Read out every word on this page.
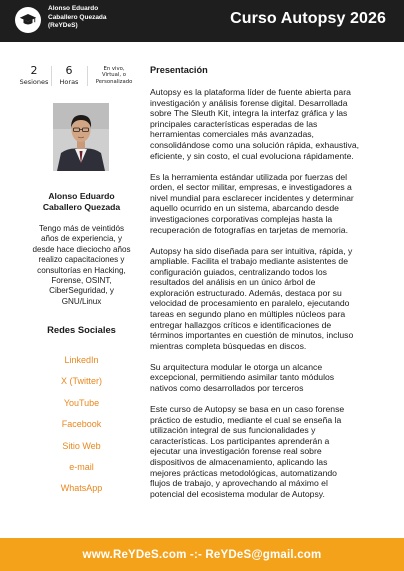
Alonso Eduardo
Caballero Quezada
(ReYDeS)	Curso Autopsy 2026
2
Sesiones
6
Horas
En vivo,
Virtual, o
Personalizado
Alonso Eduardo
Caballero Quezada
Tengo más de veintidós
años de experiencia, y
desde hace dieciocho años
realizo capacitaciones y
consultorías en Hacking,
Forense, OSINT,
CiberSeguridad, y
GNU/Linux
Redes Sociales
LinkedIn
X (Twitter)
YouTube
Facebook
Sitio Web
e-mail
WhatsApp
Presentación
Autopsy es la plataforma líder de fuente abierta para
investigación y análisis forense digital. Desarrollada
sobre The Sleuth Kit, integra la interfaz gráfica y las
principales características esperadas de las
herramientas comerciales más avanzadas,
consolidándose como una solución rápida, exhaustiva,
eficiente, y sin costo, el cual evoluciona rápidamente.
Es la herramienta estándar utilizada por fuerzas del
orden, el sector militar, empresas, e investigadores a
nivel mundial para esclarecer incidentes y determinar
aquello ocurrido en un sistema, abarcando desde
investigaciones corporativas complejas hasta la
recuperación de fotografías en tarjetas de memoria.
Autopsy ha sido diseñada para ser intuitiva, rápida, y
ampliable. Facilita el trabajo mediante asistentes de
configuración guiados, centralizando todos los
resultados del análisis en un único árbol de
exploración estructurado. Además, destaca por su
velocidad de procesamiento en paralelo, ejecutando
tareas en segundo plano en múltiples núcleos para
entregar hallazgos críticos e identificaciones de
términos importantes en cuestión de minutos, incluso
mientras completa búsquedas en discos.
Su arquitectura modular le otorga un alcance
excepcional, permitiendo asimilar tanto módulos
nativos como desarrollados por terceros
Este curso de Autopsy se basa en un caso forense
práctico de estudio, mediante el cual se enseña la
utilización integral de sus funcionalidades y
características. Los participantes aprenderán a
ejecutar una investigación forense real sobre
dispositivos de almacenamiento, aplicando las
mejores prácticas metodológicas, automatizando
flujos de trabajo, y aprovechando al máximo el
potencial del ecosistema modular de Autopsy.
www.ReYDeS.com -:- ReYDeS@gmail.com
